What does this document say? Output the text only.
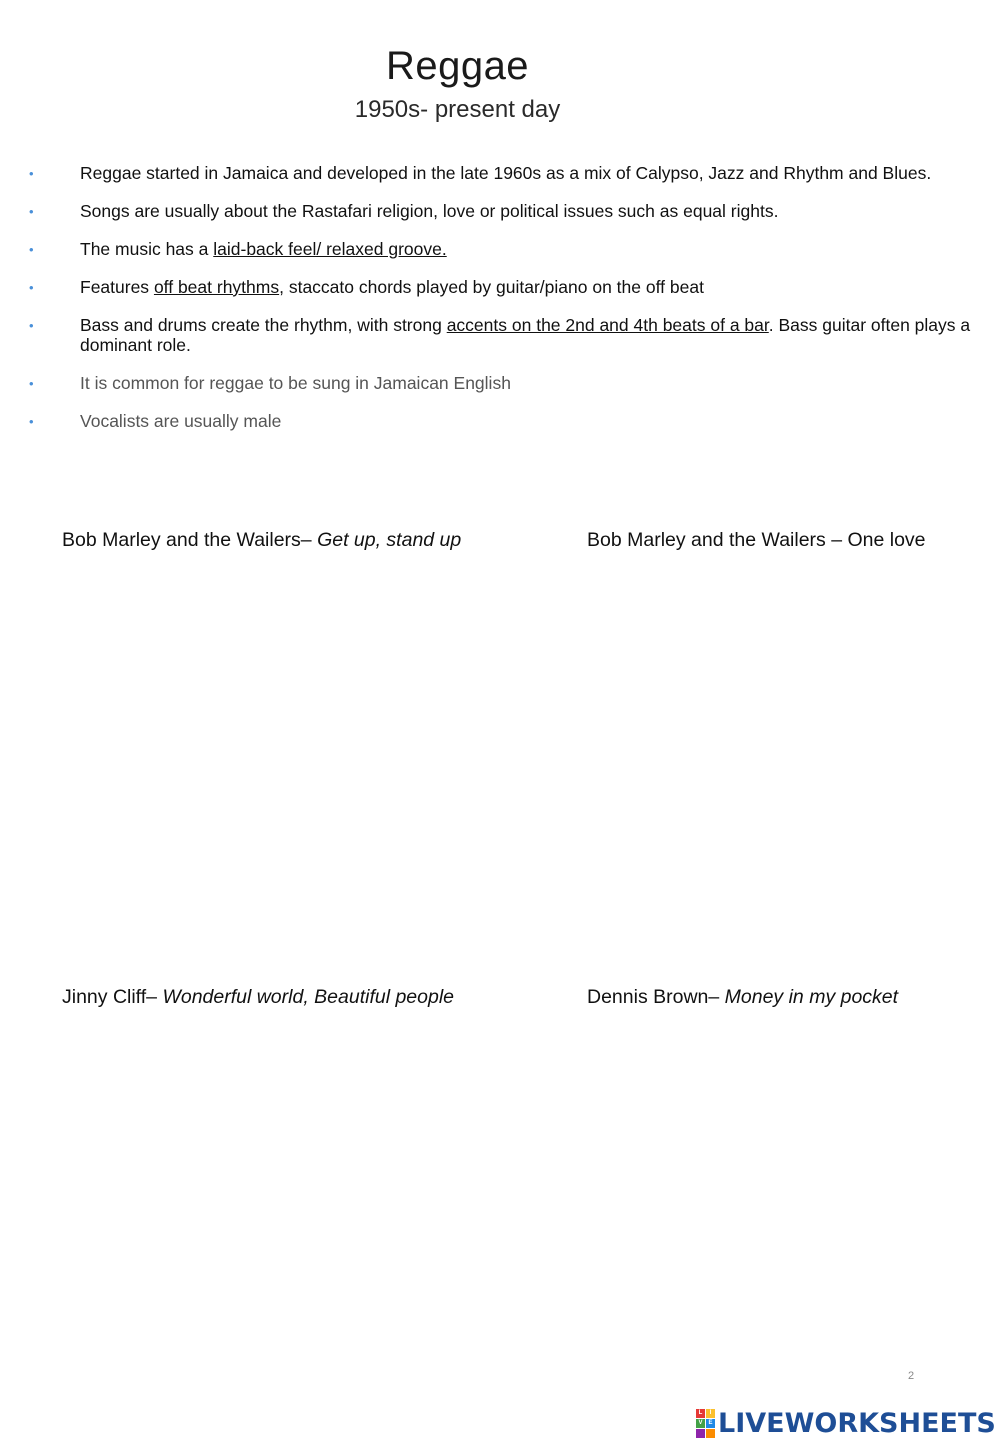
Reggae
1950s- present day
•	Reggae started in Jamaica and developed in the late 1960s as a mix of Calypso, Jazz and Rhythm and Blues.
•	Songs are usually about the Rastafari religion, love or political issues such as equal rights.
•	The music has a laid-back feel/ relaxed groove.
•	Features off beat rhythms, staccato chords played by guitar/piano on the off beat
•	Bass and drums create the rhythm, with strong accents on the 2nd and 4th beats of a bar. Bass guitar often plays a dominant role.
•	It is common for reggae to be sung in Jamaican English
•	Vocalists are usually male
Bob Marley and the Wailers– Get up, stand up	Bob Marley and the Wailers – One love
Jinny Cliff– Wonderful world, Beautiful people	Dennis Brown– Money in my pocket
2
L	I
V E LIVEWORKSHEETS
